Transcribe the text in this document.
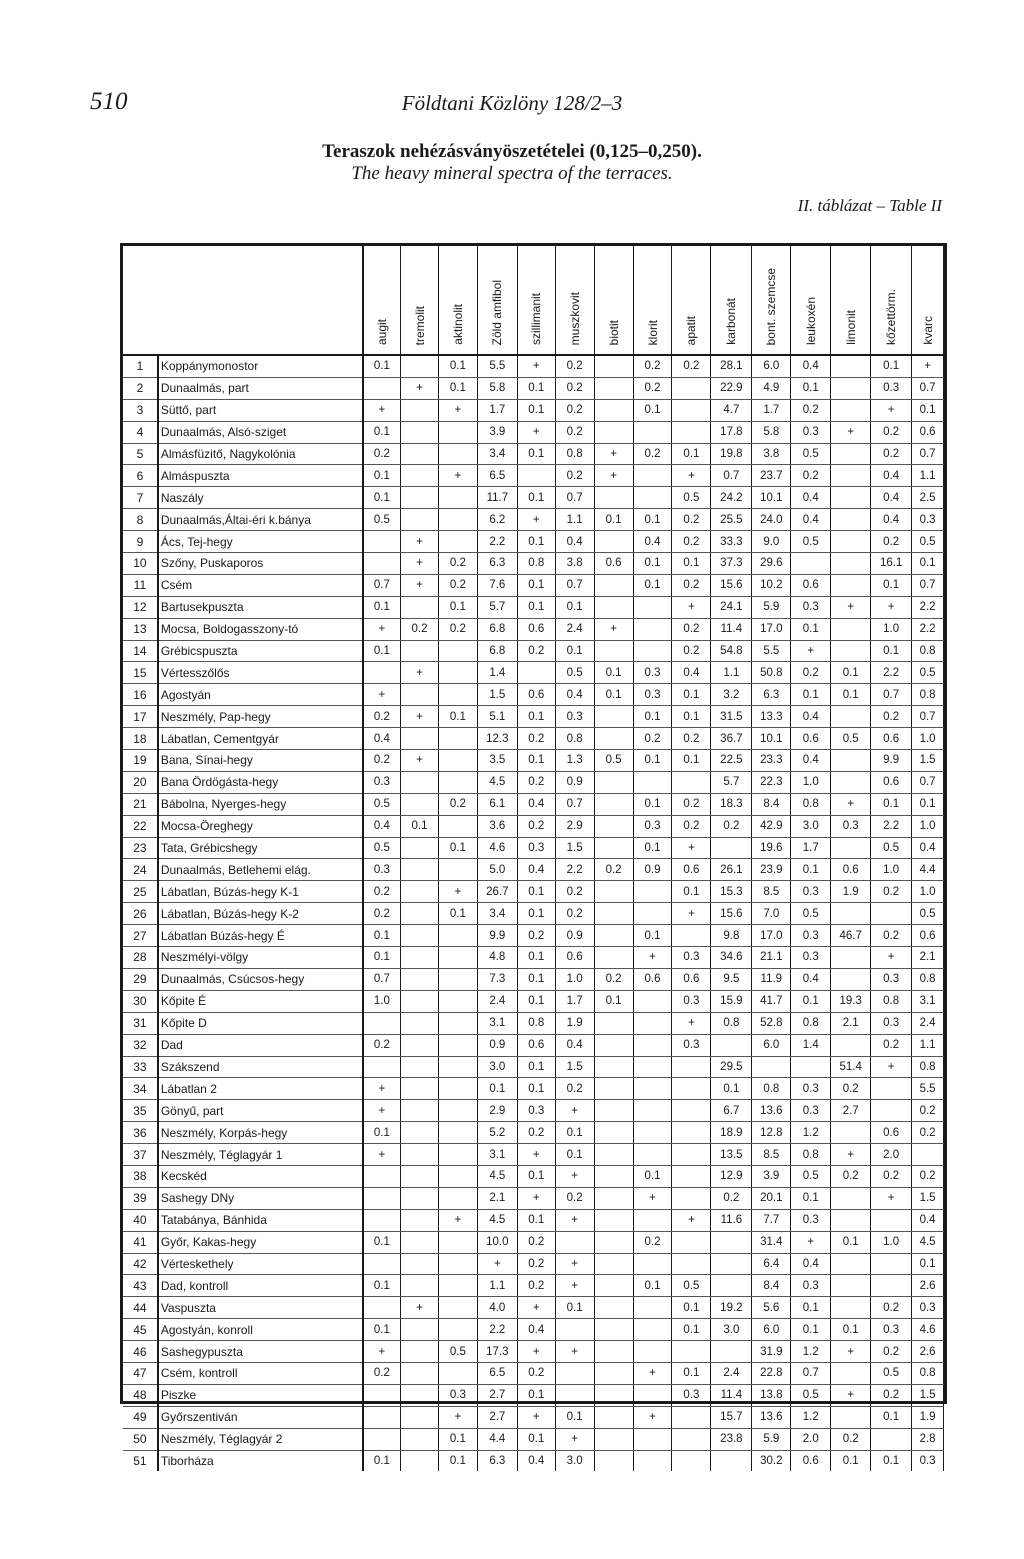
510	Földtani Közlöny 128/2–3
Teraszok nehézásványöszetételei (0,125–0,250).
The heavy mineral spectra of the terraces.
II. táblázat – Table II
		augit	tremolit	aktinolit	Zöld amfibol	szillimanit	muszkovit	biotit	klorit	apatit	karbonát	bont. szemcse	leukoxén	limonit	kőzettörm.	kvarc
1	Koppánymonostor	0.1		0.1	5.5	+	0.2		0.2	0.2	28.1	6.0	0.4		0.1	+
2	Dunaalmás, part		+	0.1	5.8	0.1	0.2		0.2		22.9	4.9	0.1		0.3	0.7
3	Süttő, part	+		+	1.7	0.1	0.2		0.1		4.7	1.7	0.2		+	0.1
4	Dunaalmás, Alsó-sziget	0.1			3.9	+	0.2				17.8	5.8	0.3	+	0.2	0.6
5	Almásfüzitő, Nagykolónia	0.2			3.4	0.1	0.8	+	0.2	0.1	19.8	3.8	0.5		0.2	0.7
6	Almáspuszta	0.1		+	6.5		0.2	+		+	0.7	23.7	0.2		0.4	1.1
7	Naszály	0.1			11.7	0.1	0.7			0.5	24.2	10.1	0.4		0.4	2.5
8	Dunaalmás,Áltai-éri k.bánya	0.5			6.2	+	1.1	0.1	0.1	0.2	25.5	24.0	0.4		0.4	0.3
9	Ács, Tej-hegy		+		2.2	0.1	0.4		0.4	0.2	33.3	9.0	0.5		0.2	0.5
10	Szőny, Puskaporos		+	0.2	6.3	0.8	3.8	0.6	0.1	0.1	37.3	29.6			16.1	0.1
11	Csém	0.7	+	0.2	7.6	0.1	0.7		0.1	0.2	15.6	10.2	0.6		0.1	0.7
12	Bartusekpuszta	0.1		0.1	5.7	0.1	0.1			+	24.1	5.9	0.3	+	+	2.2
13	Mocsa, Boldogasszony-tó	+	0.2	0.2	6.8	0.6	2.4	+		0.2	11.4	17.0	0.1		1.0	2.2
14	Grébicspuszta	0.1			6.8	0.2	0.1			0.2	54.8	5.5	+		0.1	0.8
15	Vértesszőlős		+		1.4		0.5	0.1	0.3	0.4	1.1	50.8	0.2	0.1	2.2	0.5
16	Agostyán	+			1.5	0.6	0.4	0.1	0.3	0.1	3.2	6.3	0.1	0.1	0.7	0.8
17	Neszmély, Pap-hegy	0.2	+	0.1	5.1	0.1	0.3		0.1	0.1	31.5	13.3	0.4		0.2	0.7
18	Lábatlan, Cementgyár	0.4			12.3	0.2	0.8		0.2	0.2	36.7	10.1	0.6	0.5	0.6	1.0
19	Bana, Sínai-hegy	0.2	+		3.5	0.1	1.3	0.5	0.1	0.1	22.5	23.3	0.4		9.9	1.5
20	Bana Ördögásta-hegy	0.3			4.5	0.2	0.9				5.7	22.3	1.0		0.6	0.7
21	Bábolna, Nyerges-hegy	0.5		0.2	6.1	0.4	0.7		0.1	0.2	18.3	8.4	0.8	+	0.1	0.1
22	Mocsa-Öreghegy	0.4	0.1		3.6	0.2	2.9		0.3	0.2	0.2	42.9	3.0	0.3	2.2	1.0
23	Tata, Grébicshegy	0.5		0.1	4.6	0.3	1.5		0.1	+		19.6	1.7		0.5	0.4
24	Dunaalmás, Betlehemi elág.	0.3			5.0	0.4	2.2	0.2	0.9	0.6	26.1	23.9	0.1	0.6	1.0	4.4
25	Lábatlan, Búzás-hegy K-1	0.2		+	26.7	0.1	0.2			0.1	15.3	8.5	0.3	1.9	0.2	1.0
26	Lábatlan, Búzás-hegy K-2	0.2		0.1	3.4	0.1	0.2			+	15.6	7.0	0.5			0.5
27	Lábatlan Búzás-hegy É	0.1			9.9	0.2	0.9		0.1		9.8	17.0	0.3	46.7	0.2	0.6
28	Neszmélyi-völgy	0.1			4.8	0.1	0.6		+	0.3	34.6	21.1	0.3		+	2.1
29	Dunaalmás, Csúcsos-hegy	0.7			7.3	0.1	1.0	0.2	0.6	0.6	9.5	11.9	0.4		0.3	0.8
30	Kőpite É	1.0			2.4	0.1	1.7	0.1		0.3	15.9	41.7	0.1	19.3	0.8	3.1
31	Kőpite D				3.1	0.8	1.9			+	0.8	52.8	0.8	2.1	0.3	2.4
32	Dad	0.2			0.9	0.6	0.4			0.3		6.0	1.4		0.2	1.1
33	Szákszend				3.0	0.1	1.5				29.5			51.4	+	0.8
34	Lábatlan 2	+			0.1	0.1	0.2				0.1	0.8	0.3	0.2		5.5
35	Gönyű, part	+			2.9	0.3	+				6.7	13.6	0.3	2.7		0.2
36	Neszmély, Korpás-hegy	0.1			5.2	0.2	0.1				18.9	12.8	1.2		0.6	0.2
37	Neszmély, Téglagyár 1	+			3.1	+	0.1				13.5	8.5	0.8	+	2.0	
38	Kecskéd				4.5	0.1	+		0.1		12.9	3.9	0.5	0.2	0.2	0.2
39	Sashegy DNy				2.1	+	0.2		+		0.2	20.1	0.1		+	1.5
40	Tatabánya, Bánhida			+	4.5	0.1	+			+	11.6	7.7	0.3			0.4
41	Győr, Kakas-hegy	0.1			10.0	0.2			0.2			31.4	+	0.1	1.0	4.5
42	Vérteskethely				+	0.2	+					6.4	0.4			0.1
43	Dad, kontroll	0.1			1.1	0.2	+		0.1	0.5		8.4	0.3			2.6
44	Vaspuszta		+		4.0	+	0.1			0.1	19.2	5.6	0.1		0.2	0.3
45	Agostyán, konroll	0.1			2.2	0.4				0.1	3.0	6.0	0.1	0.1	0.3	4.6
46	Sashegypuszta	+		0.5	17.3	+	+					31.9	1.2	+	0.2	2.6
47	Csém, kontroll	0.2			6.5	0.2			+	0.1	2.4	22.8	0.7		0.5	0.8
48	Piszke			0.3	2.7	0.1				0.3	11.4	13.8	0.5	+	0.2	1.5
49	Győrszentiván			+	2.7	+	0.1		+		15.7	13.6	1.2		0.1	1.9
50	Neszmély, Téglagyár 2			0.1	4.4	0.1	+				23.8	5.9	2.0	0.2		2.8
51	Tiborháza	0.1		0.1	6.3	0.4	3.0					30.2	0.6	0.1	0.1	0.3
